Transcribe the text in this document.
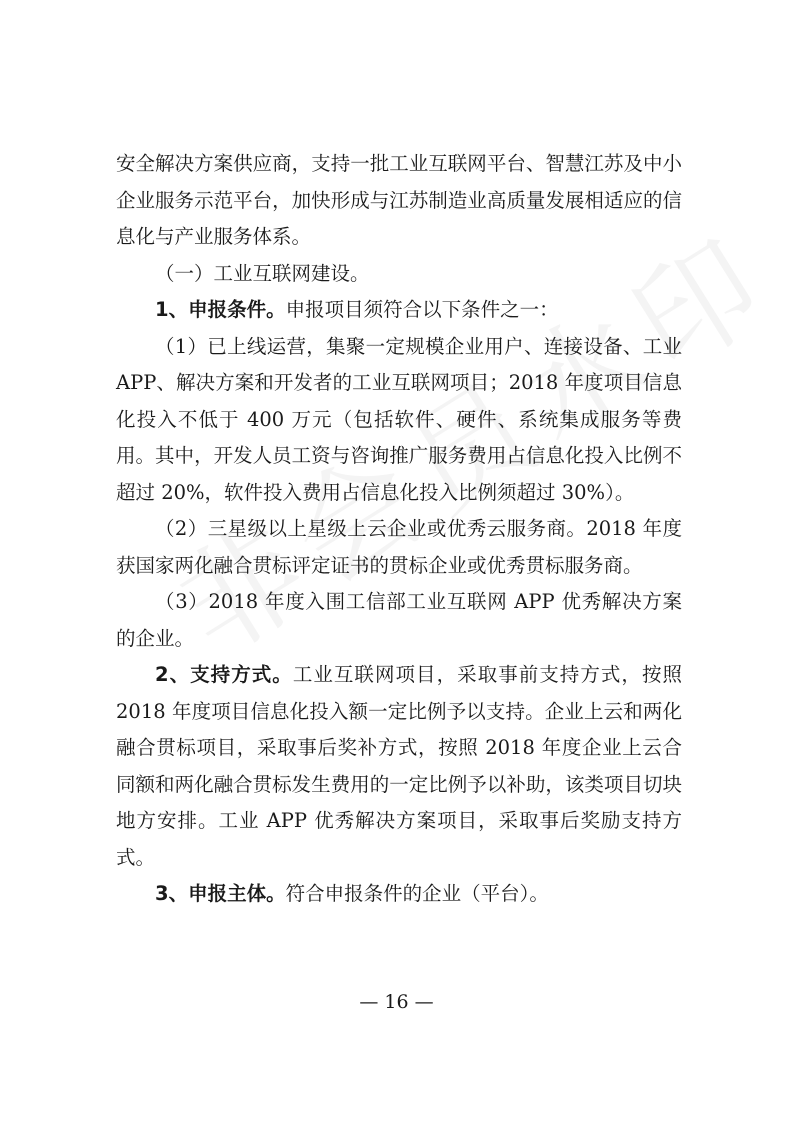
安全解决方案供应商，支持一批工业互联网平台、智慧江苏及中小企业服务示范平台，加快形成与江苏制造业高质量发展相适应的信息化与产业服务体系。

（一）工业互联网建设。

1、申报条件。申报项目须符合以下条件之一：

（1）已上线运营，集聚一定规模企业用户、连接设备、工业 APP、解决方案和开发者的工业互联网项目；2018 年度项目信息化投入不低于 400 万元（包括软件、硬件、系统集成服务等费用。其中，开发人员工资与咨询推广服务费用占信息化投入比例不超过 20%，软件投入费用占信息化投入比例须超过 30%）。

（2）三星级以上星级上云企业或优秀云服务商。2018 年度获国家两化融合贯标评定证书的贯标企业或优秀贯标服务商。

（3）2018 年度入围工信部工业互联网 APP 优秀解决方案的企业。

2、支持方式。工业互联网项目，采取事前支持方式，按照 2018 年度项目信息化投入额一定比例予以支持。企业上云和两化融合贯标项目，采取事后奖补方式，按照 2018 年度企业上云合同额和两化融合贯标发生费用的一定比例予以补助，该类项目切块地方安排。工业 APP 优秀解决方案项目，采取事后奖励支持方式。

3、申报主体。符合申报条件的企业（平台）。

— 16 —
